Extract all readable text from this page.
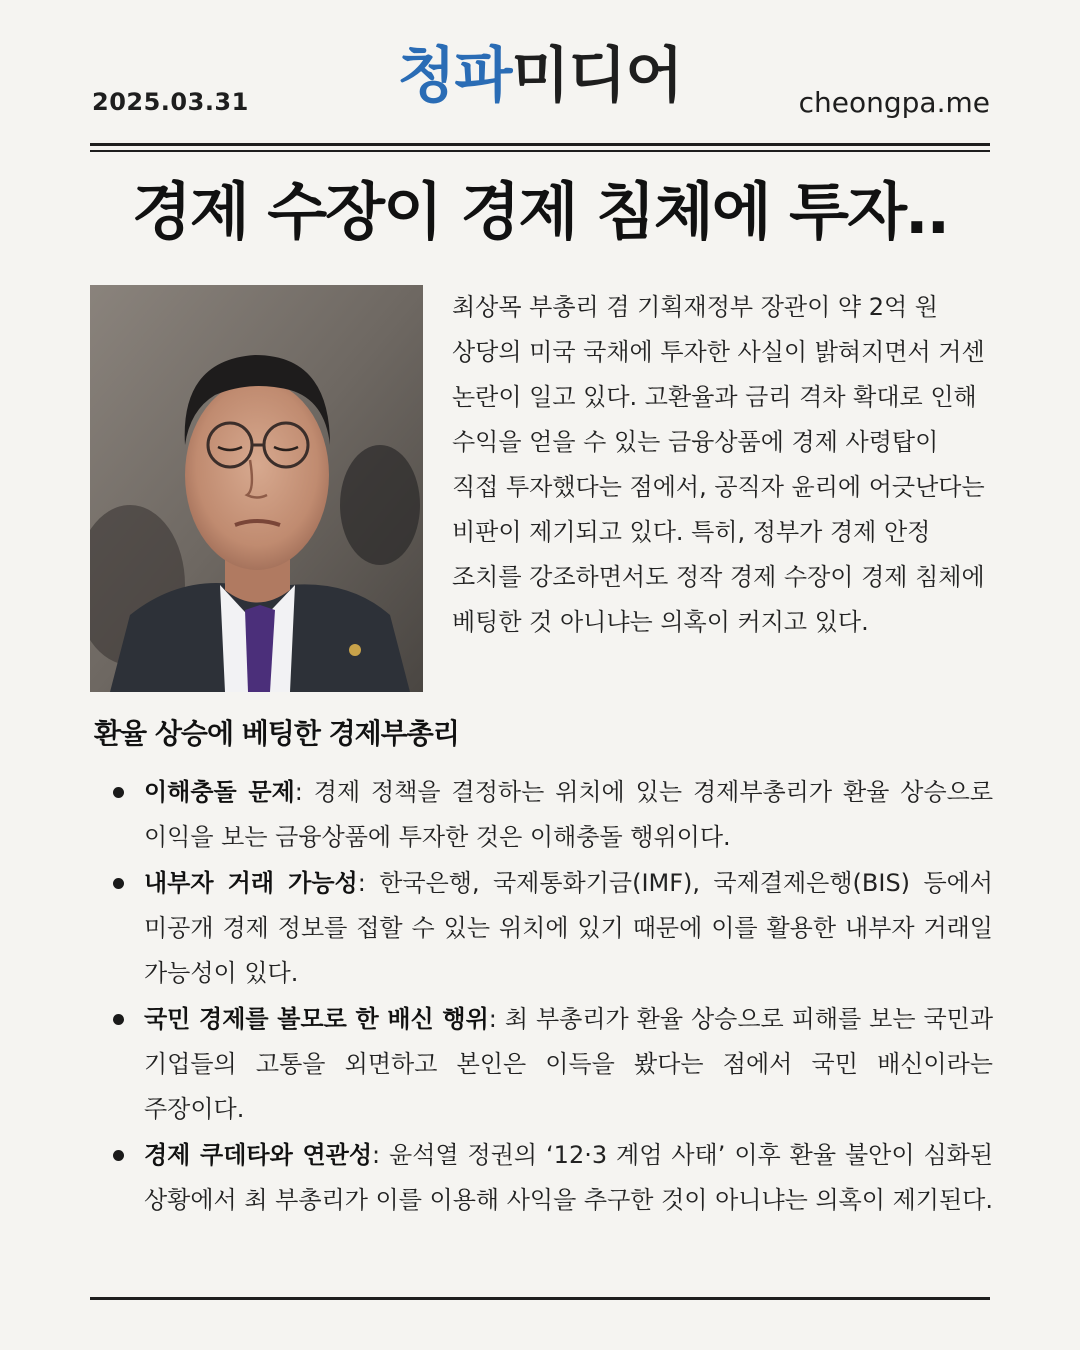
2025.03.31	청파미디어	cheongpa.me
경제 수장이 경제 침체에 투자..
최상목 부총리 겸 기획재정부 장관이 약 2억 원 상당의 미국 국채에 투자한 사실이 밝혀지면서 거센 논란이 일고 있다. 고환율과 금리 격차 확대로 인해 수익을 얻을 수 있는 금융상품에 경제 사령탑이 직접 투자했다는 점에서, 공직자 윤리에 어긋난다는 비판이 제기되고 있다. 특히, 정부가 경제 안정 조치를 강조하면서도 정작 경제 수장이 경제 침체에 베팅한 것 아니냐는 의혹이 커지고 있다.
환율 상승에 베팅한 경제부총리
이해충돌 문제: 경제 정책을 결정하는 위치에 있는 경제부총리가 환율 상승으로 이익을 보는 금융상품에 투자한 것은 이해충돌 행위이다.
내부자 거래 가능성: 한국은행, 국제통화기금(IMF), 국제결제은행(BIS) 등에서 미공개 경제 정보를 접할 수 있는 위치에 있기 때문에 이를 활용한 내부자 거래일 가능성이 있다.
국민 경제를 볼모로 한 배신 행위: 최 부총리가 환율 상승으로 피해를 보는 국민과 기업들의 고통을 외면하고 본인은 이득을 봤다는 점에서 국민 배신이라는 주장이다.
경제 쿠데타와 연관성: 윤석열 정권의 ‘12·3 계엄 사태’ 이후 환율 불안이 심화된 상황에서 최 부총리가 이를 이용해 사익을 추구한 것이 아니냐는 의혹이 제기된다.
